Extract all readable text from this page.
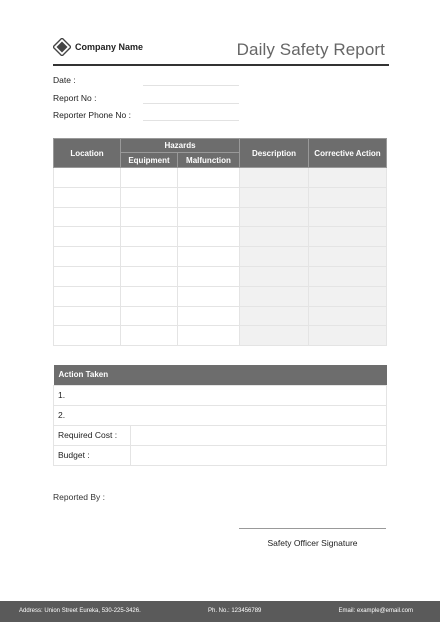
Company Name	Daily Safety Report
Date :
Report No :
Reporter Phone No :
Location	Hazards		Description	Corrective Action
	Equipment	Malfunction		

Action Taken	
1.	
2.	
Required Cost :	
Budget :	
Reported By :
Safety Officer Signature
Address: Union Street Eureka, 530-225-3426.	Ph. No.: 123456789	Email: example@email.com
